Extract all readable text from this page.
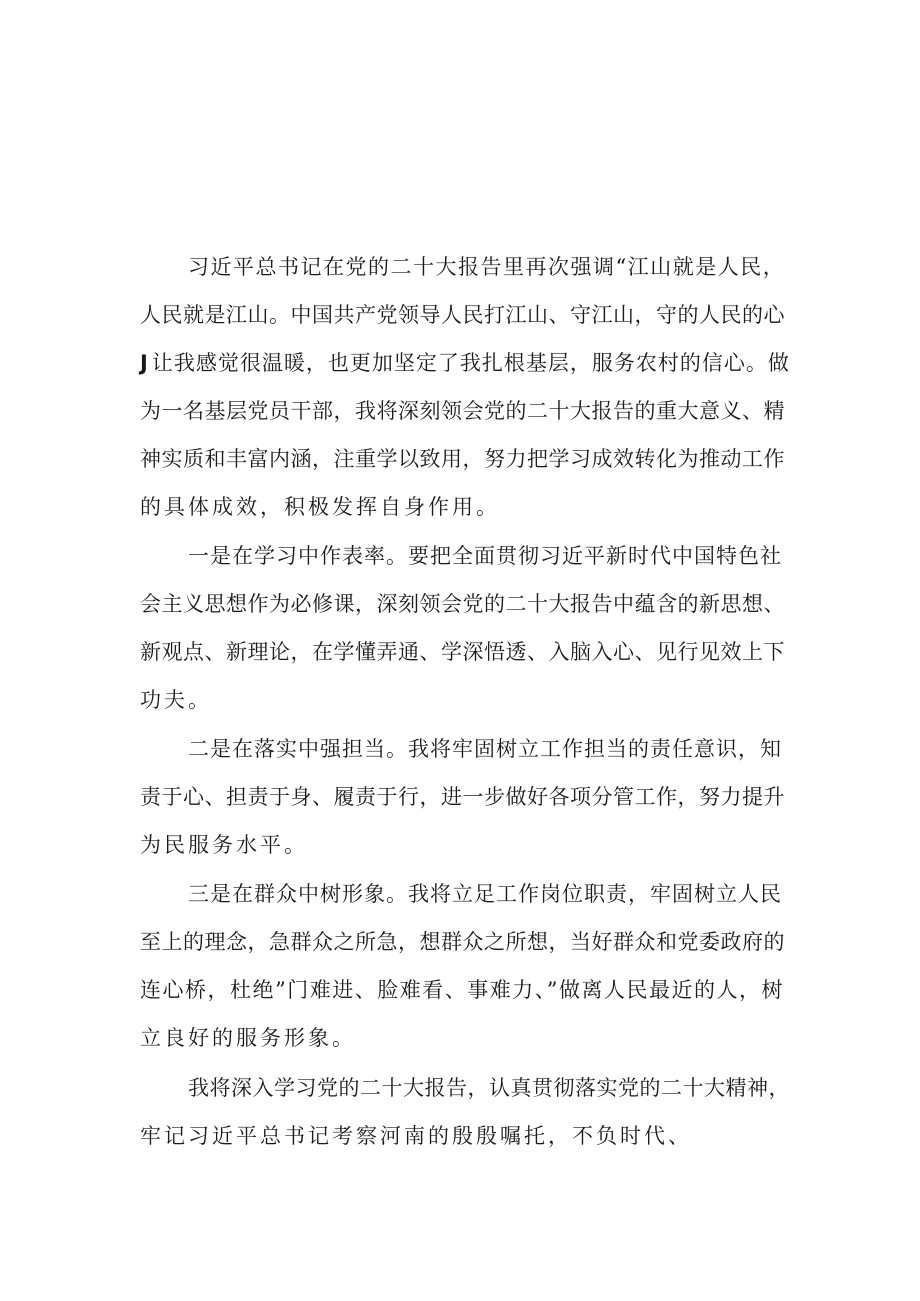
习近平总书记在党的二十大报告里再次强调“江山就是人民，

人民就是江山。中国共产党领导人民打江山、守江山，守的人民的心

J 让我感觉很温暖，也更加坚定了我扎根基层，服务农村的信心。做

为一名基层党员干部，我将深刻领会党的二十大报告的重大意义、精

神实质和丰富内涵，注重学以致用，努力把学习成效转化为推动工作

的具体成效，积极发挥自身作用。

一是在学习中作表率。要把全面贯彻习近平新时代中国特色社

会主义思想作为必修课，深刻领会党的二十大报告中蕴含的新思想、

新观点、新理论，在学懂弄通、学深悟透、入脑入心、见行见效上下

功夫。

二是在落实中强担当。我将牢固树立工作担当的责任意识，知

责于心、担责于身、履责于行，进一步做好各项分管工作，努力提升

为民服务水平。

三是在群众中树形象。我将立足工作岗位职责，牢固树立人民

至上的理念，急群众之所急，想群众之所想，当好群众和党委政府的

连心桥，杜绝”门难进、脸难看、事难力、”做离人民最近的人，树

立良好的服务形象。

我将深入学习党的二十大报告，认真贯彻落实党的二十大精神，

牢记习近平总书记考察河南的殷殷嘱托，不负时代、
